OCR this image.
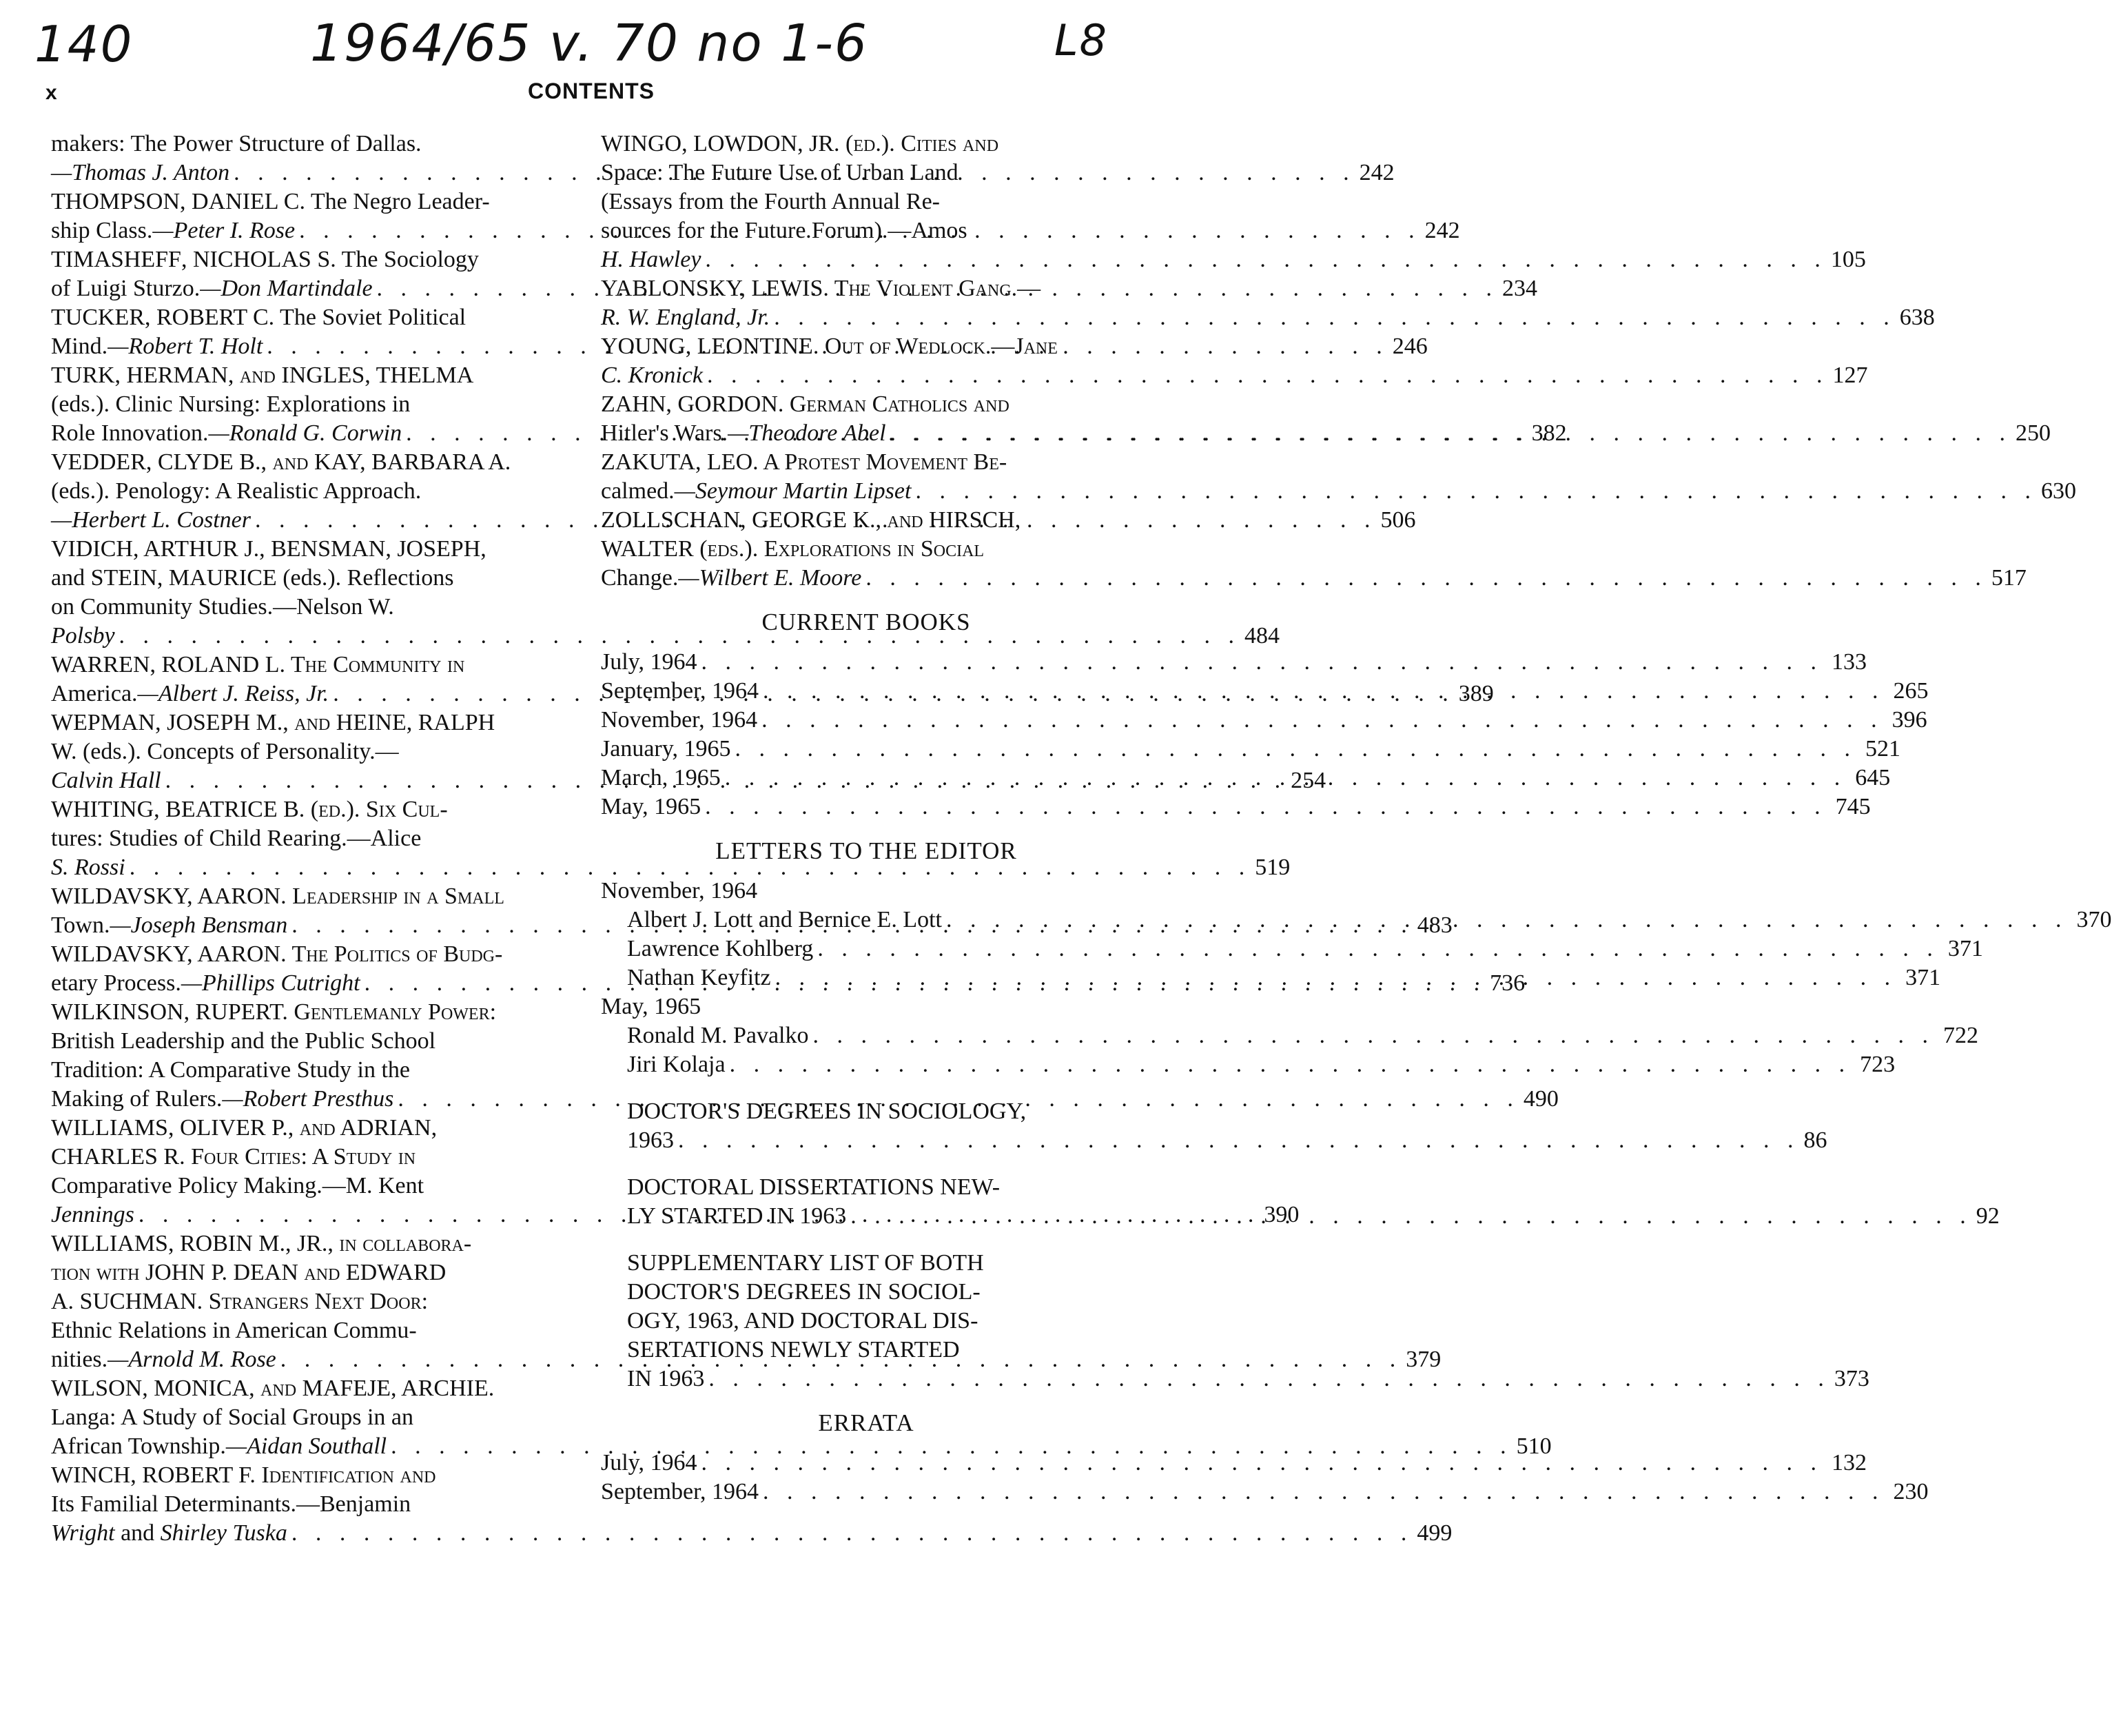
140	1964/65 v. 70 no 1-6	L8
x	CONTENTS
makers: The Power Structure of Dallas.
—Thomas J. Anton . . .	242
THOMPSON, DANIEL C. The Negro Leader-
ship Class.—Peter I. Rose . . .	242
TIMASHEFF, NICHOLAS S. The Sociology
of Luigi Sturzo.—Don Martindale . . .	234
TUCKER, ROBERT C. The Soviet Political
Mind.—Robert T. Holt . . .	246
TURK, HERMAN, and INGLES, THELMA
(eds.). Clinic Nursing: Explorations in
Role Innovation.—Ronald G. Corwin . . .	382
VEDDER, CLYDE B., and KAY, BARBARA A.
(eds.). Penology: A Realistic Approach.
—Herbert L. Costner . . .	506
VIDICH, ARTHUR J., BENSMAN, JOSEPH,
and STEIN, MAURICE (eds.). Reflections
on Community Studies.—Nelson W.
Polsby . . .	484
WARREN, ROLAND L. The Community in
America.—Albert J. Reiss, Jr. . . .	389
WEPMAN, JOSEPH M., and HEINE, RALPH
W. (eds.). Concepts of Personality.—
Calvin Hall . . .	254
WHITING, BEATRICE B. (ed.). Six Cul-
tures: Studies of Child Rearing.—Alice
S. Rossi . . .	519
WILDAVSKY, AARON. Leadership in a Small
Town.—Joseph Bensman . . .	483
WILDAVSKY, AARON. The Politics of Budg-
etary Process.—Phillips Cutright . . .	736
WILKINSON, RUPERT. Gentlemanly Power:
British Leadership and the Public School
Tradition: A Comparative Study in the
Making of Rulers.—Robert Presthus . . .	490
WILLIAMS, OLIVER P., and ADRIAN,
CHARLES R. Four Cities: A Study in
Comparative Policy Making.—M. Kent
Jennings . . .	390
WILLIAMS, ROBIN M., JR., in collabora-
tion with JOHN P. DEAN and EDWARD
A. SUCHMAN. Strangers Next Door:
Ethnic Relations in American Commu-
nities.—Arnold M. Rose . . .	379
WILSON, MONICA, and MAFEJE, ARCHIE.
Langa: A Study of Social Groups in an
African Township.—Aidan Southall . . .	510
WINCH, ROBERT F. Identification and
Its Familial Determinants.—Benjamin
Wright and Shirley Tuska . . .	499
WINGO, LOWDON, JR. (ed.). Cities and
Space: The Future Use of Urban Land
(Essays from the Fourth Annual Re-
sources for the Future Forum).—Amos
H. Hawley . . .	105
YABLONSKY, LEWIS. The Violent Gang.—
R. W. England, Jr. . . .	638
YOUNG, LEONTINE. Out of Wedlock.—Jane
C. Kronick . . .	127
ZAHN, GORDON. German Catholics and
Hitler's Wars.—Theodore Abel . . .	250
ZAKUTA, LEO. A Protest Movement Be-
calmed.—Seymour Martin Lipset . . .	630
ZOLLSCHAN, GEORGE K., and HIRSCH,
WALTER (eds.). Explorations in Social
Change.—Wilbert E. Moore . . .	517
CURRENT BOOKS
July, 1964 . . .	133
September, 1964 . . .	265
November, 1964 . . .	396
January, 1965 . . .	521
March, 1965 . . .	645
May, 1965 . . .	745
LETTERS TO THE EDITOR
November, 1964
Albert J. Lott and Bernice E. Lott . . .	370
Lawrence Kohlberg . . .	371
Nathan Keyfitz . . .	371
May, 1965
Ronald M. Pavalko . . .	722
Jiri Kolaja . . .	723
DOCTOR'S DEGREES IN SOCIOLOGY,
1963 . . .	86
DOCTORAL DISSERTATIONS NEW-
LY STARTED IN 1963 . . .	92
SUPPLEMENTARY LIST OF BOTH
DOCTOR'S DEGREES IN SOCIOL-
OGY, 1963, AND DOCTORAL DIS-
SERTATIONS NEWLY STARTED
IN 1963 . . .	373
ERRATA
July, 1964 . . .	132
September, 1964 . . .	230
